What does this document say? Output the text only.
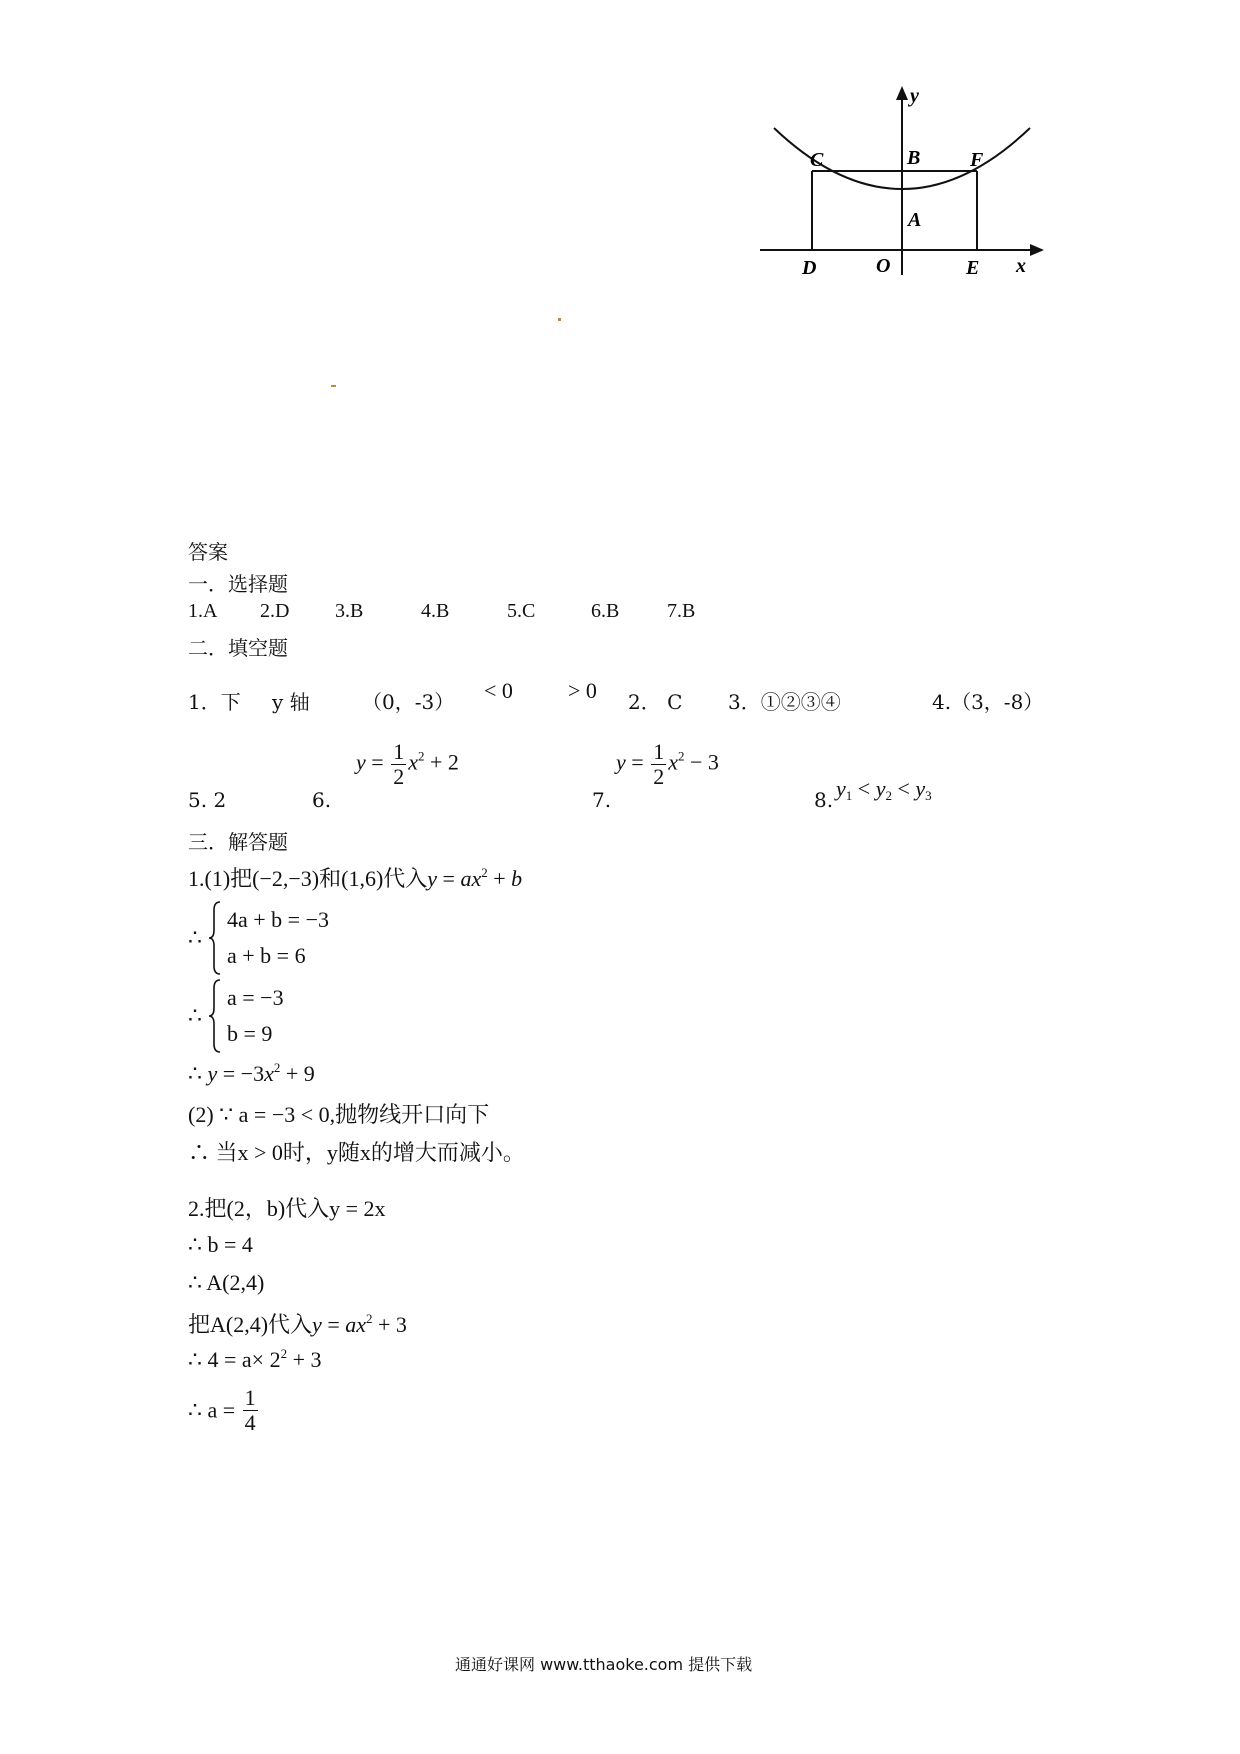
y
x
B
C	F
A
D	O	E
答案
一．选择题
1.A 2.D 3.B	4.B	5.C	6.B 7.B
二．填空题
1．下 y 轴	（0，-3） < 0	> 0 2． C 3．①②③④	4.（3，-8）
5. 2	6.
$y = \frac{1}{2} x^2 + 2$
7.
$y = \frac{1}{2} x^2 - 3$
8. $y_1 < y_2 < y_3$
三．解答题
1.(1)把(−2,−3)和(1,6)代入$y = ax^2 + b$
∴  4a + b = −3
a + b = 6
∴  a = −3
b = 9
∴ $y = -3x^2 + 9$
(2) ∵ a = −3 < 0,抛物线开口向下
∴ 当x > 0时，y随x的增大而减小。
2.把(2，b)代入y = 2x
∴ b = 4
∴ A(2,4)
把A(2,4)代入$y = ax^2 + 3$
∴ $4 = a\times 2^2 + 3$
∴ $a = \frac{1}{4}$
通通好课网 www.tthaoke.com 提供下载
